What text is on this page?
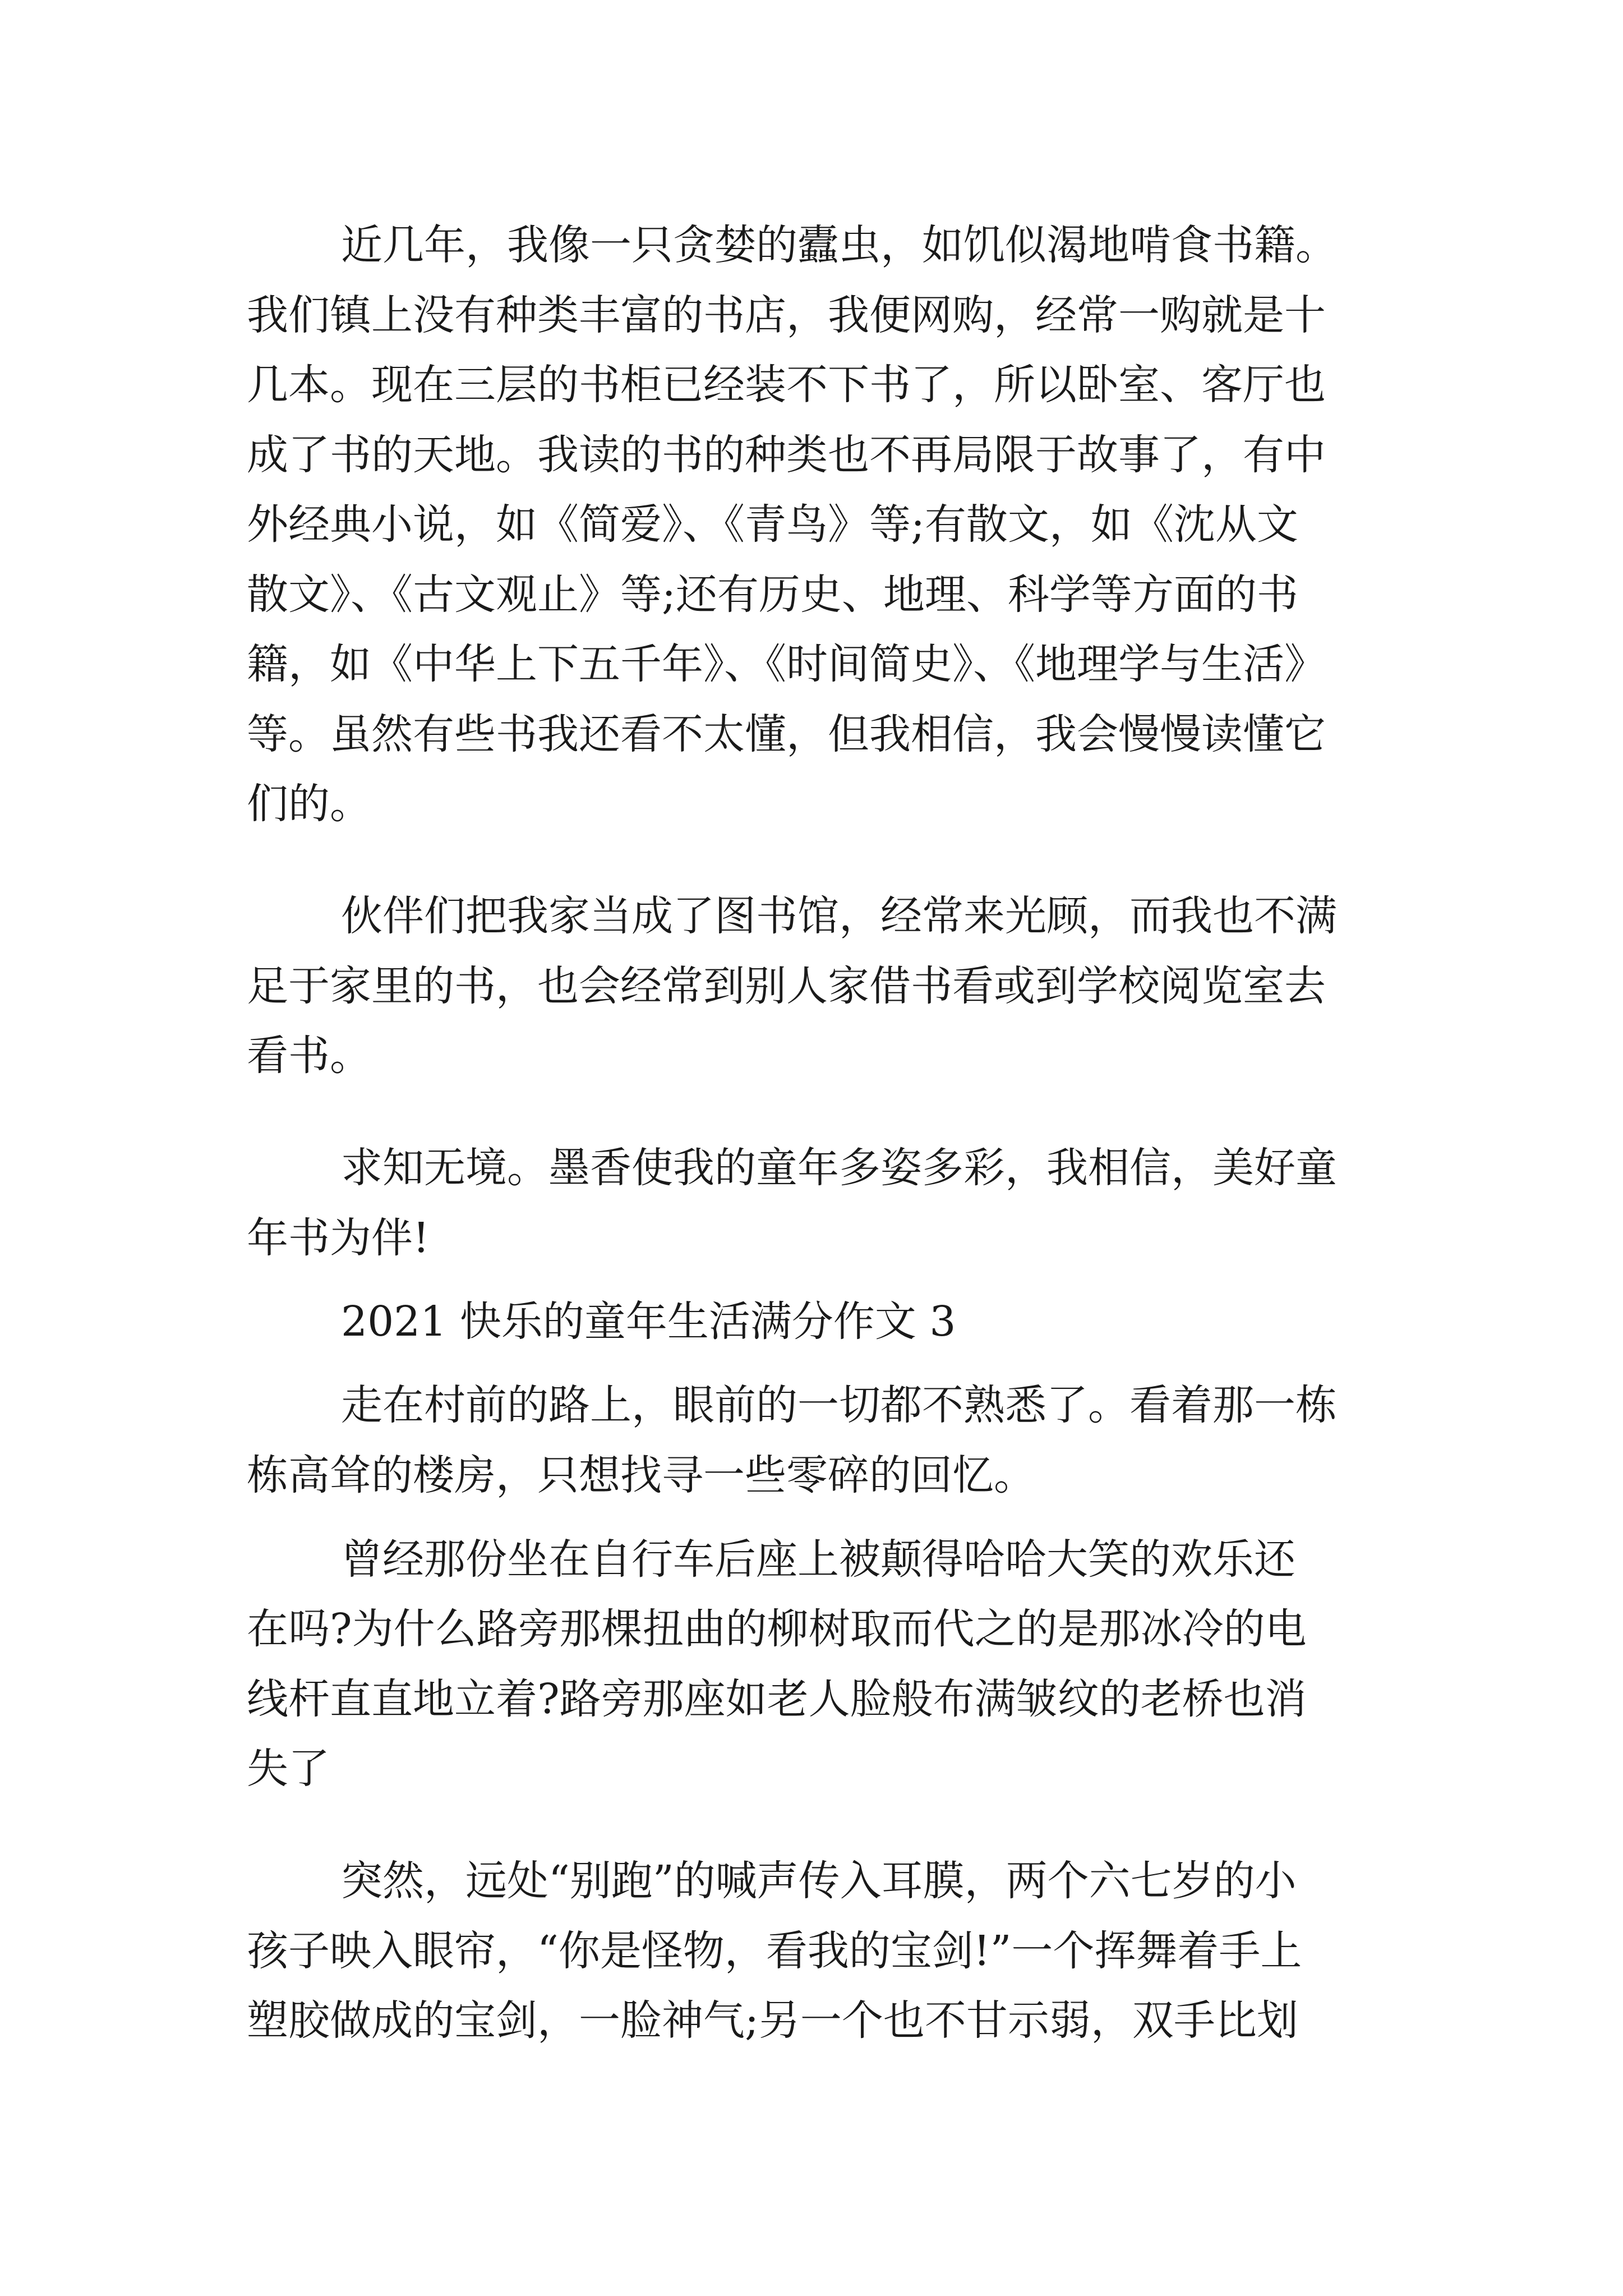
近几年，我像一只贪婪的蠹虫，如饥似渴地啃食书籍。
我们镇上没有种类丰富的书店，我便网购，经常一购就是十
几本。现在三层的书柜已经装不下书了，所以卧室、客厅也
成了书的天地。我读的书的种类也不再局限于故事了，有中
外经典小说，如《简爱》、《青鸟》等;有散文，如《沈从文
散文》、《古文观止》等;还有历史、地理、科学等方面的书
籍，如《中华上下五千年》、《时间简史》、《地理学与生活》
等。虽然有些书我还看不太懂，但我相信，我会慢慢读懂它
们的。
伙伴们把我家当成了图书馆，经常来光顾，而我也不满
足于家里的书，也会经常到别人家借书看或到学校阅览室去
看书。
求知无境。墨香使我的童年多姿多彩，我相信，美好童
年书为伴!
2021 快乐的童年生活满分作文 3
走在村前的路上，眼前的一切都不熟悉了。看着那一栋
栋高耸的楼房，只想找寻一些零碎的回忆。
曾经那份坐在自行车后座上被颠得哈哈大笑的欢乐还
在吗?为什么路旁那棵扭曲的柳树取而代之的是那冰冷的电
线杆直直地立着?路旁那座如老人脸般布满皱纹的老桥也消
失了
突然，远处“别跑”的喊声传入耳膜，两个六七岁的小
孩子映入眼帘，“你是怪物，看我的宝剑!”一个挥舞着手上
塑胶做成的宝剑，一脸神气;另一个也不甘示弱，双手比划
